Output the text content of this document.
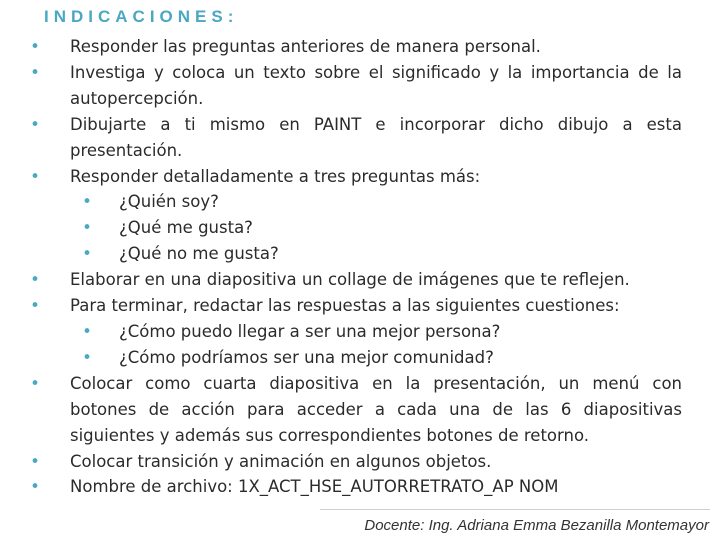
INDICACIONES:
• Responder las preguntas anteriores de manera personal.
• Investiga y coloca un texto sobre el significado y la importancia de la autopercepción.
• Dibujarte a ti mismo en PAINT e incorporar dicho dibujo a esta presentación.
• Responder detalladamente a tres preguntas más:
• ¿Quién soy?
• ¿Qué me gusta?
• ¿Qué no me gusta?
• Elaborar en una diapositiva un collage de imágenes que te reflejen.
• Para terminar, redactar las respuestas a las siguientes cuestiones:
• ¿Cómo puedo llegar a ser una mejor persona?
• ¿Cómo podríamos ser una mejor comunidad?
• Colocar como cuarta diapositiva en la presentación, un menú con botones de acción para acceder a cada una de las 6 diapositivas siguientes y además sus correspondientes botones de retorno.
• Colocar transición y animación en algunos objetos.
• Nombre de archivo: 1X_ACT_HSE_AUTORRETRATO_AP NOM
Docente: Ing. Adriana Emma Bezanilla Montemayor
